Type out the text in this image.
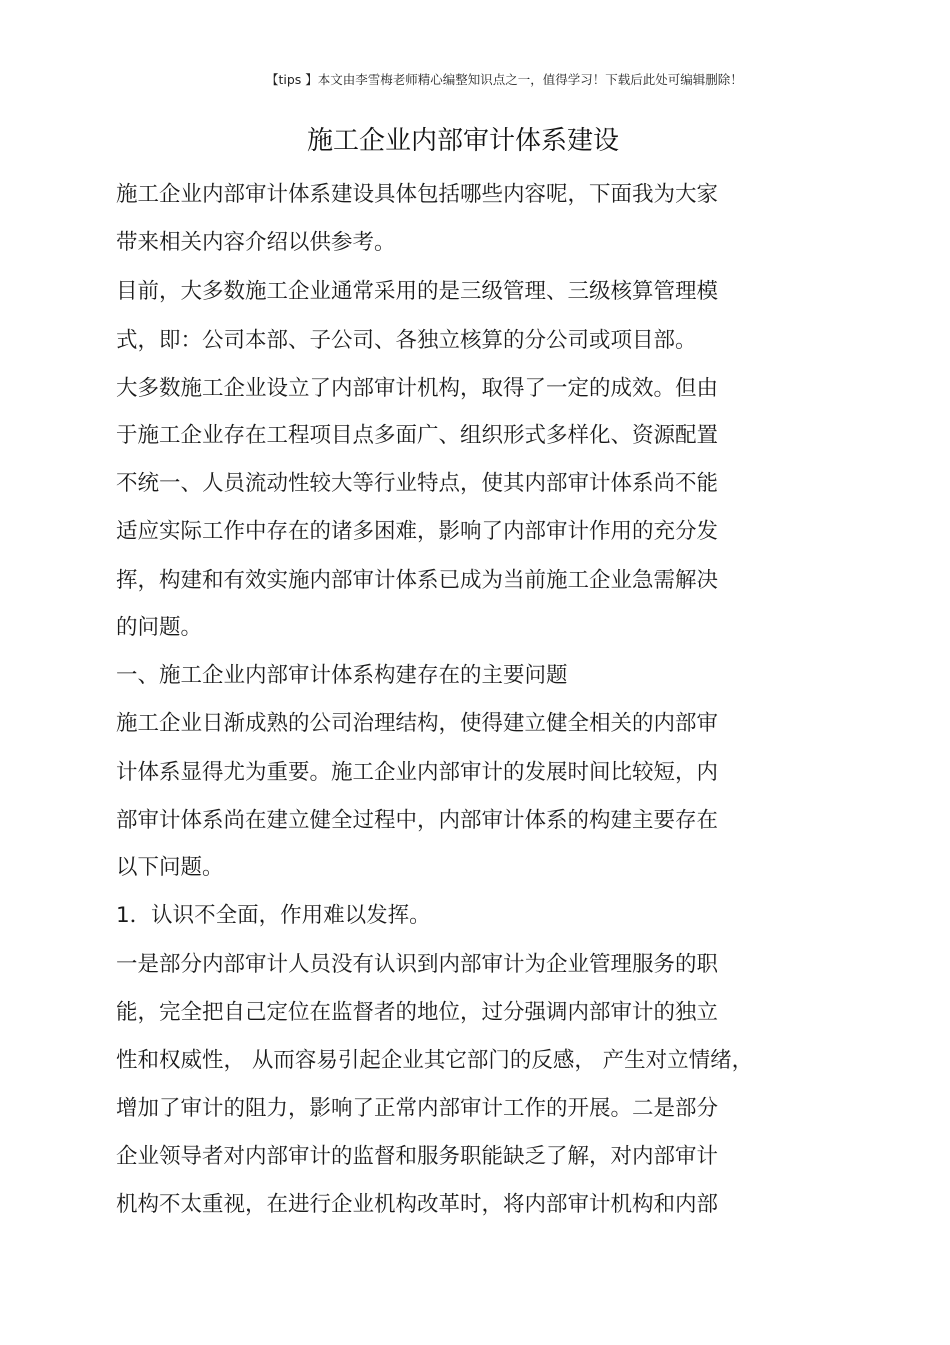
【tips 】本文由李雪梅老师精心编整知识点之一，值得学习！下载后此处可编辑删除！
施工企业内部审计体系建设
施工企业内部审计体系建设具体包括哪些内容呢，下面我为大家
带来相关内容介绍以供参考。
目前，大多数施工企业通常采用的是三级管理、三级核算管理模
式，即：公司本部、子公司、各独立核算的分公司或项目部。
大多数施工企业设立了内部审计机构，取得了一定的成效。但由
于施工企业存在工程项目点多面广、组织形式多样化、资源配置
不统一、人员流动性较大等行业特点，使其内部审计体系尚不能
适应实际工作中存在的诸多困难，影响了内部审计作用的充分发
挥，构建和有效实施内部审计体系已成为当前施工企业急需解决
的问题。
一、施工企业内部审计体系构建存在的主要问题
施工企业日渐成熟的公司治理结构，使得建立健全相关的内部审
计体系显得尤为重要。施工企业内部审计的发展时间比较短，内
部审计体系尚在建立健全过程中，内部审计体系的构建主要存在
以下问题。
1．认识不全面，作用难以发挥。
一是部分内部审计人员没有认识到内部审计为企业管理服务的职
能，完全把自己定位在监督者的地位，过分强调内部审计的独立
性和权威性， 从而容易引起企业其它部门的反感， 产生对立情绪，
增加了审计的阻力，影响了正常内部审计工作的开展。二是部分
企业领导者对内部审计的监督和服务职能缺乏了解，对内部审计
机构不太重视，在进行企业机构改革时，将内部审计机构和内部
